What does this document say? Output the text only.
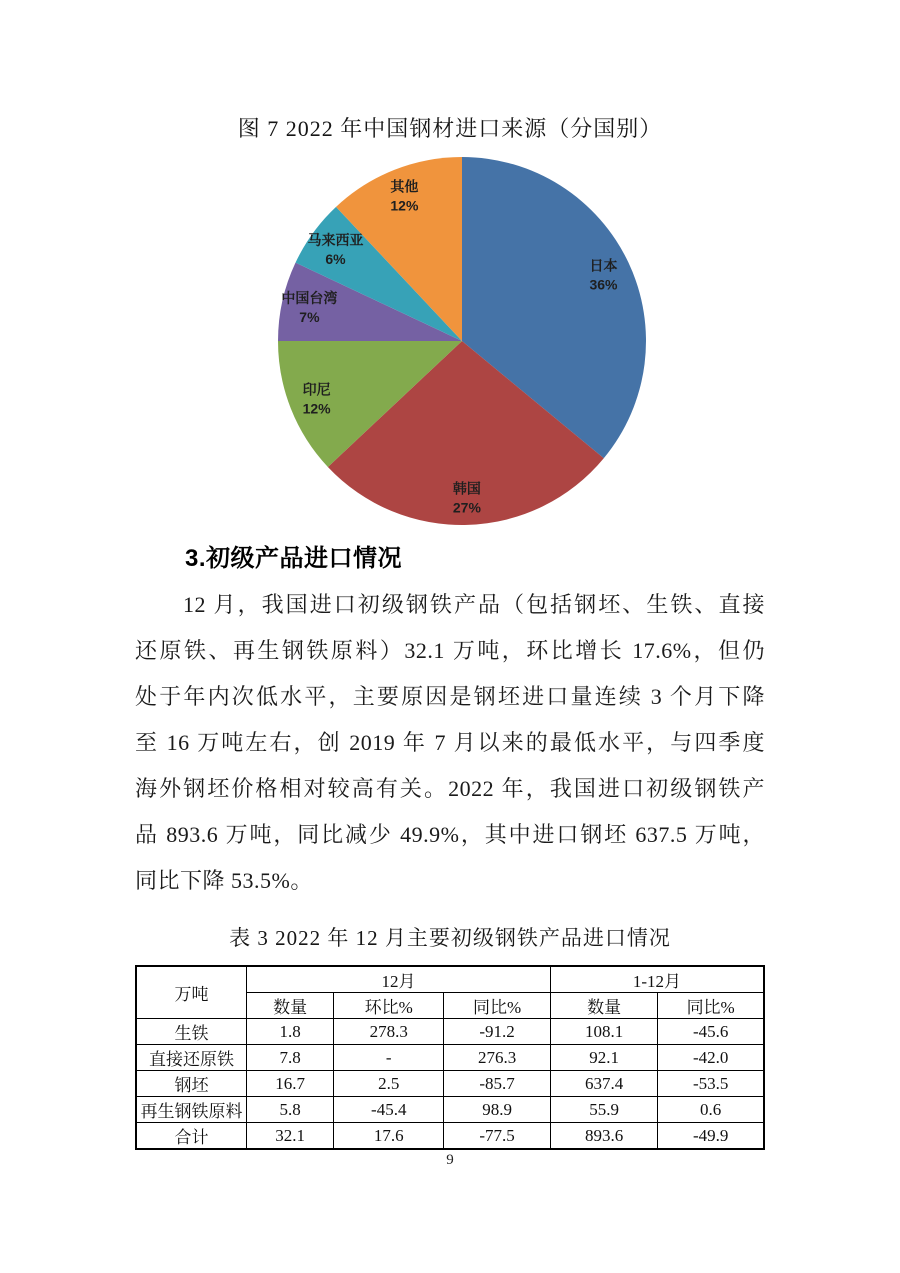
图 7 2022 年中国钢材进口来源（分国别）
日本 36%
韩国 27%
印尼 12%
中国台湾 7%
马来西亚 6%
其他 12%
3.初级产品进口情况
12 月，我国进口初级钢铁产品（包括钢坯、生铁、直接
还原铁、再生钢铁原料）32.1 万吨，环比增长 17.6%，但仍
处于年内次低水平，主要原因是钢坯进口量连续 3 个月下降
至 16 万吨左右，创 2019 年 7 月以来的最低水平，与四季度
海外钢坯价格相对较高有关。2022 年，我国进口初级钢铁产
品 893.6 万吨，同比减少 49.9%，其中进口钢坯 637.5 万吨，
同比下降 53.5%。
表 3 2022 年 12 月主要初级钢铁产品进口情况
万吨	12月			1-12月	
	数量	环比%	同比%	数量	同比%
生铁	1.8	278.3	-91.2	108.1	-45.6
直接还原铁	7.8	-	276.3	92.1	-42.0
钢坯	16.7	2.5	-85.7	637.4	-53.5
再生钢铁原料	5.8	-45.4	98.9	55.9	0.6
合计	32.1	17.6	-77.5	893.6	-49.9
9
